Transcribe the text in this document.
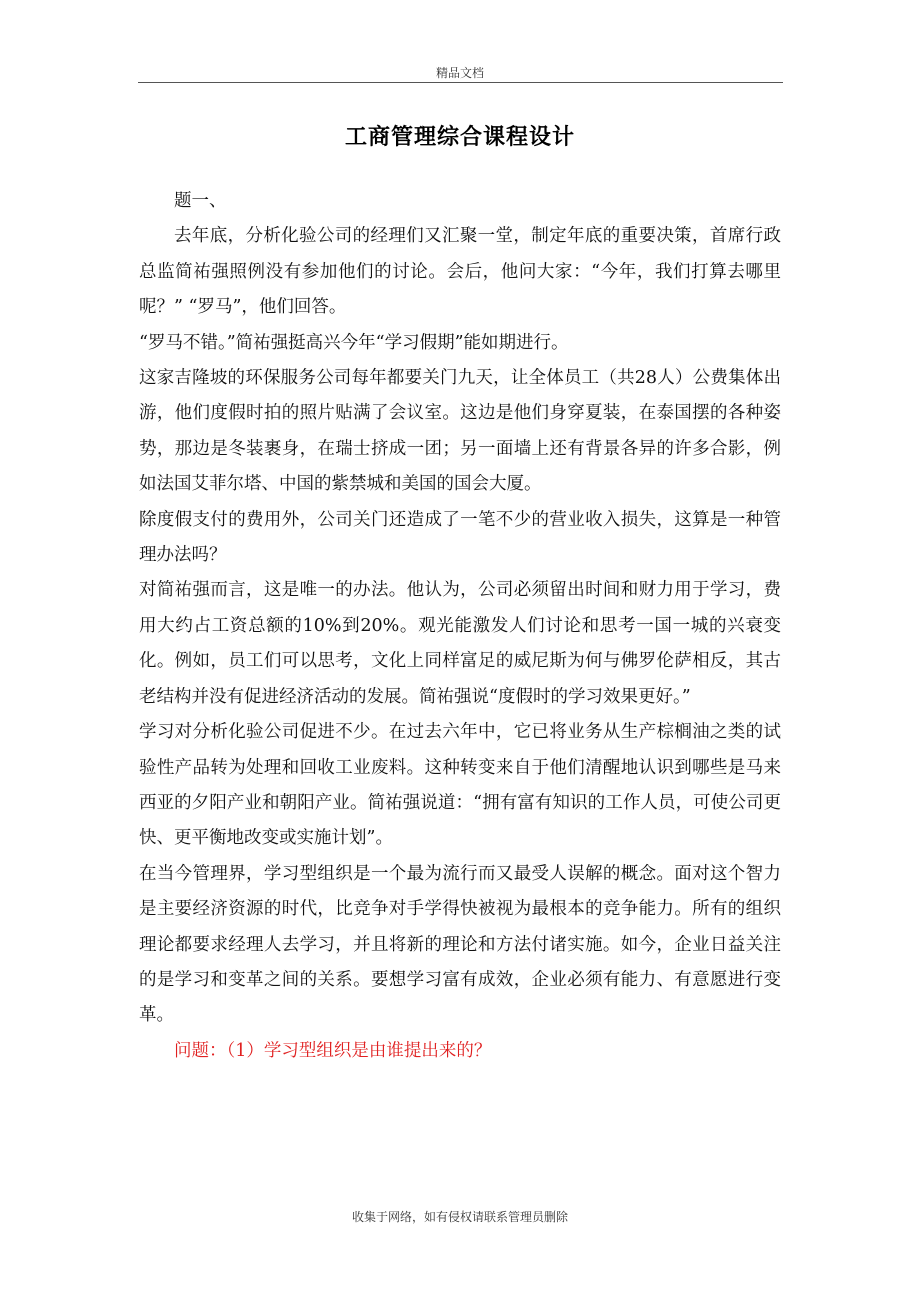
精品文档
工商管理综合课程设计

题一、

去年底，分析化验公司的经理们又汇聚一堂，制定年底的重要决策，首席行政总监简祐强照例没有参加他们的讨论。会后，他问大家：“今年，我们打算去哪里呢？” “罗马”，他们回答。

“罗马不错。”简祐强挺高兴今年“学习假期”能如期进行。

这家吉隆坡的环保服务公司每年都要关门九天，让全体员工（共28人）公费集体出游，他们度假时拍的照片贴满了会议室。这边是他们身穿夏装，在泰国摆的各种姿势，那边是冬装裹身，在瑞士挤成一团；另一面墙上还有背景各异的许多合影，例如法国艾菲尔塔、中国的紫禁城和美国的国会大厦。

除度假支付的费用外，公司关门还造成了一笔不少的营业收入损失，这算是一种管理办法吗？

对简祐强而言，这是唯一的办法。他认为，公司必须留出时间和财力用于学习，费用大约占工资总额的10%到20%。观光能激发人们讨论和思考一国一城的兴衰变化。例如，员工们可以思考，文化上同样富足的威尼斯为何与佛罗伦萨相反，其古老结构并没有促进经济活动的发展。简祐强说“度假时的学习效果更好。”

学习对分析化验公司促进不少。在过去六年中，它已将业务从生产棕榈油之类的试验性产品转为处理和回收工业废料。这种转变来自于他们清醒地认识到哪些是马来西亚的夕阳产业和朝阳产业。简祐强说道：“拥有富有知识的工作人员，可使公司更快、更平衡地改变或实施计划”。

在当今管理界，学习型组织是一个最为流行而又最受人误解的概念。面对这个智力是主要经济资源的时代，比竞争对手学得快被视为最根本的竞争能力。所有的组织理论都要求经理人去学习，并且将新的理论和方法付诸实施。如今，企业日益关注的是学习和变革之间的关系。要想学习富有成效，企业必须有能力、有意愿进行变革。

问题：（1）学习型组织是由谁提出来的？

收集于网络，如有侵权请联系管理员删除
